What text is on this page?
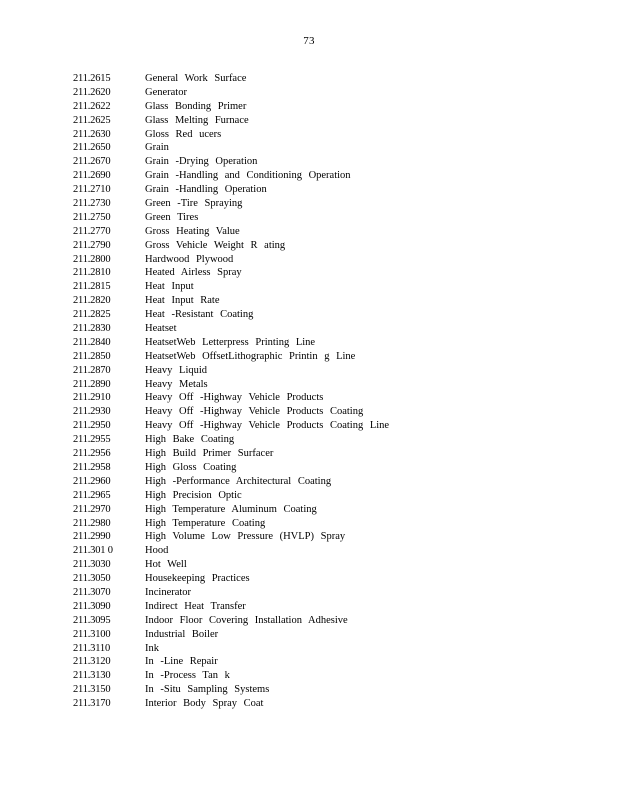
73
211.2615	General Work Surface
211.2620	Generator
211.2622	Glass Bonding Primer
211.2625	Glass Melting Furnace
211.2630	Gloss Red ucers
211.2650	Grain
211.2670	Grain -Drying Operation
211.2690	Grain -Handling and Conditioning Operation
211.2710	Grain -Handling Operation
211.2730	Green -Tire Spraying
211.2750	Green Tires
211.2770	Gross Heating Value
211.2790	Gross Vehicle Weight R ating
211.2800	Hardwood Plywood
211.2810	Heated Airless Spray
211.2815	Heat Input
211.2820	Heat Input Rate
211.2825	Heat -Resistant Coating
211.2830	Heatset
211.2840	HeatsetWeb Letterpress Printing Line
211.2850	HeatsetWeb OffsetLithographic Printin g Line
211.2870	Heavy Liquid
211.2890	Heavy Metals
211.2910	Heavy Off -Highway Vehicle Products
211.2930	Heavy Off -Highway Vehicle Products Coating
211.2950	Heavy Off -Highway Vehicle Products Coating Line
211.2955	High Bake Coating
211.2956	High Build Primer Surfacer
211.2958	High Gloss Coating
211.2960	High -Performance Architectural Coating
211.2965	High Precision Optic
211.2970	High Temperature Aluminum Coating
211.2980	High Temperature Coating
211.2990	High Volume Low Pressure (HVLP) Spray
211.301 0	Hood
211.3030	Hot Well
211.3050	Housekeeping Practices
211.3070	Incinerator
211.3090	Indirect Heat Transfer
211.3095	Indoor Floor Covering Installation Adhesive
211.3100	Industrial Boiler
211.3110	Ink
211.3120	In -Line Repair
211.3130	In -Process Tan k
211.3150	In -Situ Sampling Systems
211.3170	Interior Body Spray Coat
